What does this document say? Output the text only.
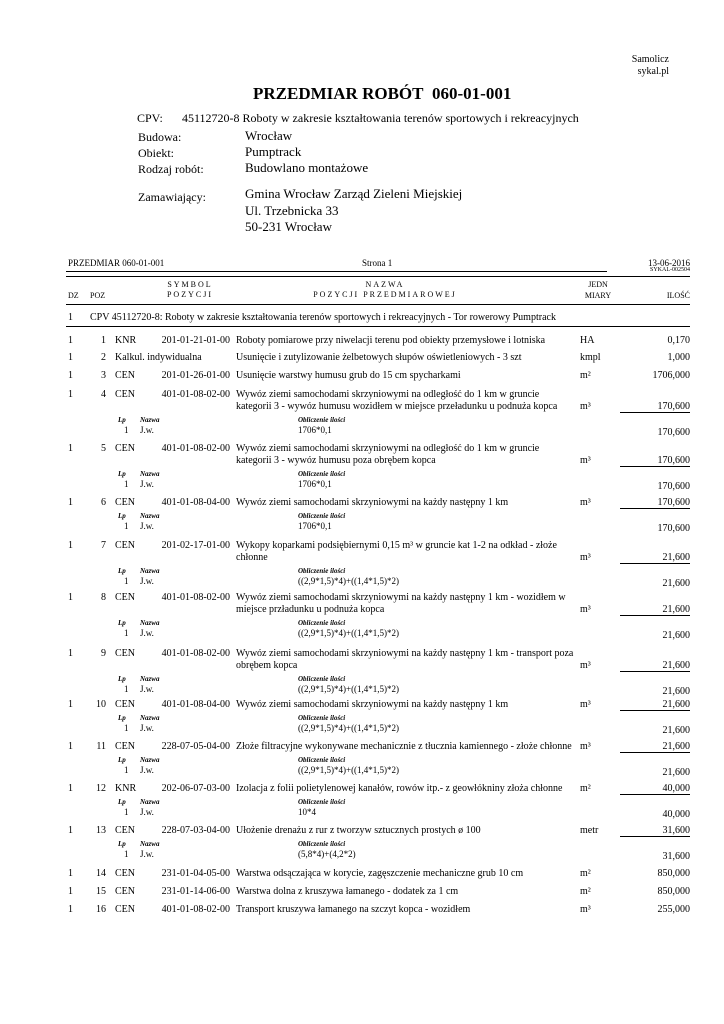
Samolicz
sykal.pl
PRZEDMIAR ROBÓT 060-01-001
CPV: 45112720-8 Roboty w zakresie kształtowania terenów sportowych i rekreacyjnych
Budowa:	Wrocław
Obiekt:	Pumptrack
Rodzaj robót:	Budowlano montażowe
Zamawiający:	Gmina Wrocław Zarząd Zieleni Miejskiej
Ul. Trzebnicka 33
50-231 Wrocław
PRZEDMIAR 060-01-001	Strona 1	13-06-2016
SYKAL-002504
SYMBOL
POZYCJI
NAZWA
POZYCJI PRZEDMIAROWEJ
JEDN
MIARY
DZ POZ	ILOŚĆ
1 CPV 45112720-8: Roboty w zakresie kształtowania terenów sportowych i rekreacyjnych - Tor rowerowy Pumptrack
1	1 KNR	201-01-21-01-00 Roboty pomiarowe przy niwelacji terenu pod obiekty przemysłowe i lotniska	HA	0,170
1	2 Kalkul. indywidualna	Usunięcie i zutylizowanie żelbetowych słupów oświetleniowych - 3 szt	kmpl	1,000
1	3 CEN	201-01-26-01-00 Usunięcie warstwy humusu grub do 15 cm spycharkami	m²	1706,000
1	4 CEN	401-01-08-02-00 Wywóz ziemi samochodami skrzyniowymi na odległość do 1 km w gruncie
kategorii 3 - wywóz humusu wozidłem w miejsce przeładunku u podnuża kopca m³	170,600
Lp Nazwa	Obliczenie ilości
1 J.w.	1706*0,1	170,600
1	5 CEN	401-01-08-02-00 Wywóz ziemi samochodami skrzyniowymi na odległość do 1 km w gruncie
kategorii 3 - wywóz humusu poza obrębem kopca	m³	170,600
Lp Nazwa	Obliczenie ilości
1 J.w.	1706*0,1	170,600
1	6 CEN	401-01-08-04-00 Wywóz ziemi samochodami skrzyniowymi na każdy następny 1 km	m³	170,600
Lp Nazwa	Obliczenie ilości
1 J.w.	1706*0,1	170,600
1	7 CEN	201-02-17-01-00 Wykopy koparkami podsiębiernymi 0,15 m³ w gruncie kat 1-2 na odkład - złoże
chłonne	m³	21,600
Lp Nazwa	Obliczenie ilości
1 J.w.	((2,9*1,5)*4)+((1,4*1,5)*2)	21,600
1	8 CEN	401-01-08-02-00 Wywóz ziemi samochodami skrzyniowymi na każdy następny 1 km - wozidłem w
miejsce przładunku u podnuża kopca	m³	21,600
Lp Nazwa	Obliczenie ilości
1 J.w.	((2,9*1,5)*4)+((1,4*1,5)*2)	21,600
1	9 CEN	401-01-08-02-00 Wywóz ziemi samochodami skrzyniowymi na każdy następny 1 km - transport poza
obrębem kopca	m³	21,600
Lp Nazwa	Obliczenie ilości
1 J.w.	((2,9*1,5)*4)+((1,4*1,5)*2)	21,600
1	10 CEN	401-01-08-04-00 Wywóz ziemi samochodami skrzyniowymi na każdy następny 1 km	m³	21,600
Lp Nazwa	Obliczenie ilości
1 J.w.	((2,9*1,5)*4)+((1,4*1,5)*2)	21,600
1	11 CEN	228-07-05-04-00 Złoże filtracyjne wykonywane mechanicznie z tłucznia kamiennego - złoże chłonne m³	21,600
Lp Nazwa	Obliczenie ilości
1 J.w.	((2,9*1,5)*4)+((1,4*1,5)*2)	21,600
1	12 KNR	202-06-07-03-00 Izolacja z folii polietylenowej kanałów, rowów itp.- z geowłókniny złoża chłonne m²	40,000
Lp Nazwa	Obliczenie ilości
1 J.w.	10*4	40,000
1	13 CEN	228-07-03-04-00 Ułożenie drenażu z rur z tworzyw sztucznych prostych ø 100	metr	31,600
Lp Nazwa	Obliczenie ilości
1 J.w.	(5,8*4)+(4,2*2)	31,600
1	14 CEN	231-01-04-05-00 Warstwa odsączająca w korycie, zagęszczenie mechaniczne grub 10 cm	m²	850,000
1	15 CEN	231-01-14-06-00 Warstwa dolna z kruszywa łamanego - dodatek za 1 cm	m²	850,000
1	16 CEN	401-01-08-02-00 Transport kruszywa łamanego na szczyt kopca - wozidłem	m³	255,000
